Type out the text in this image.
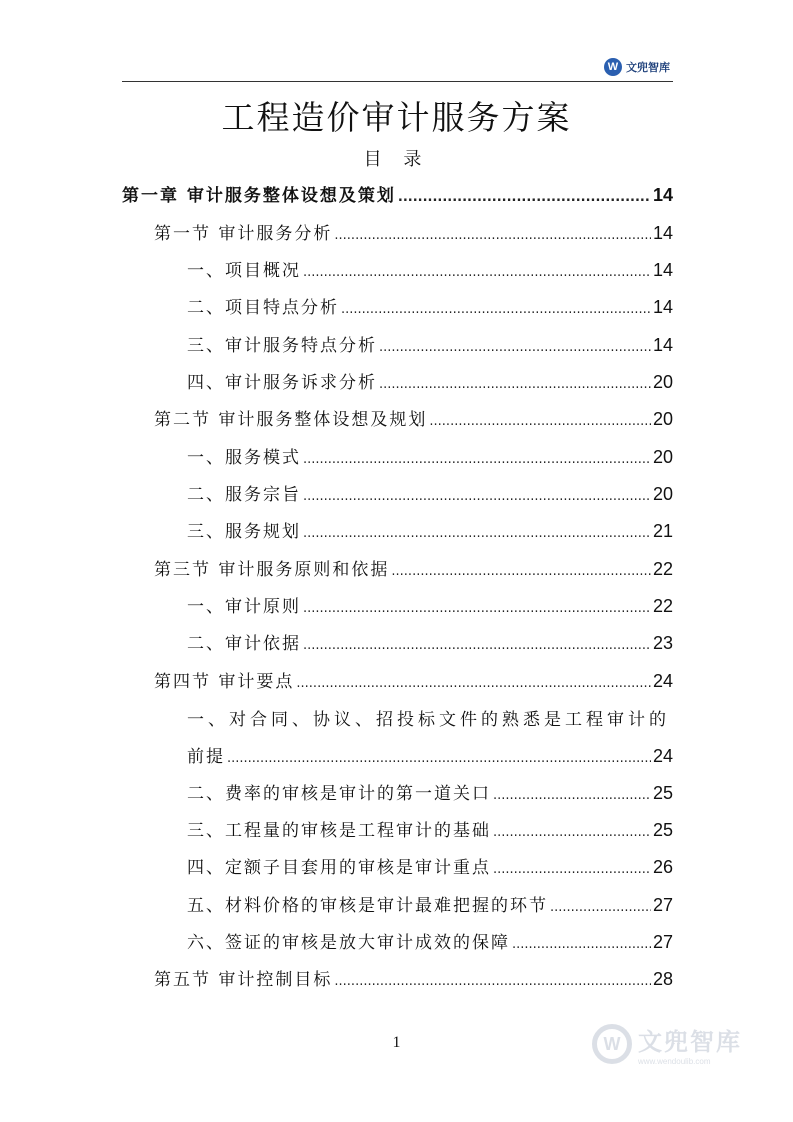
W 文兜智库
工程造价审计服务方案
目 录
第一章 审计服务整体设想及策划 .....	14
第一节 审计服务分析 .....	14
一、项目概况 .....	14
二、项目特点分析 .....	14
三、审计服务特点分析 .....	14
四、审计服务诉求分析 .....	20
第二节 审计服务整体设想及规划 .....	20
一、服务模式 .....	20
二、服务宗旨 .....	20
三、服务规划 .....	21
第三节 审计服务原则和依据 .....	22
一、审计原则 .....	22
二、审计依据 .....	23
第四节 审计要点 .....	24
一、对合同、协议、招投标文件的熟悉是工程审计的
前提 .....	24
二、费率的审核是审计的第一道关口 .....	25
三、工程量的审核是工程审计的基础 .....	25
四、定额子目套用的审核是审计重点 .....	26
五、材料价格的审核是审计最难把握的环节 .....	27
六、签证的审核是放大审计成效的保障 .....	27
第五节 审计控制目标 .....	28
1	W 文兜智库
www.wendoulib.com
